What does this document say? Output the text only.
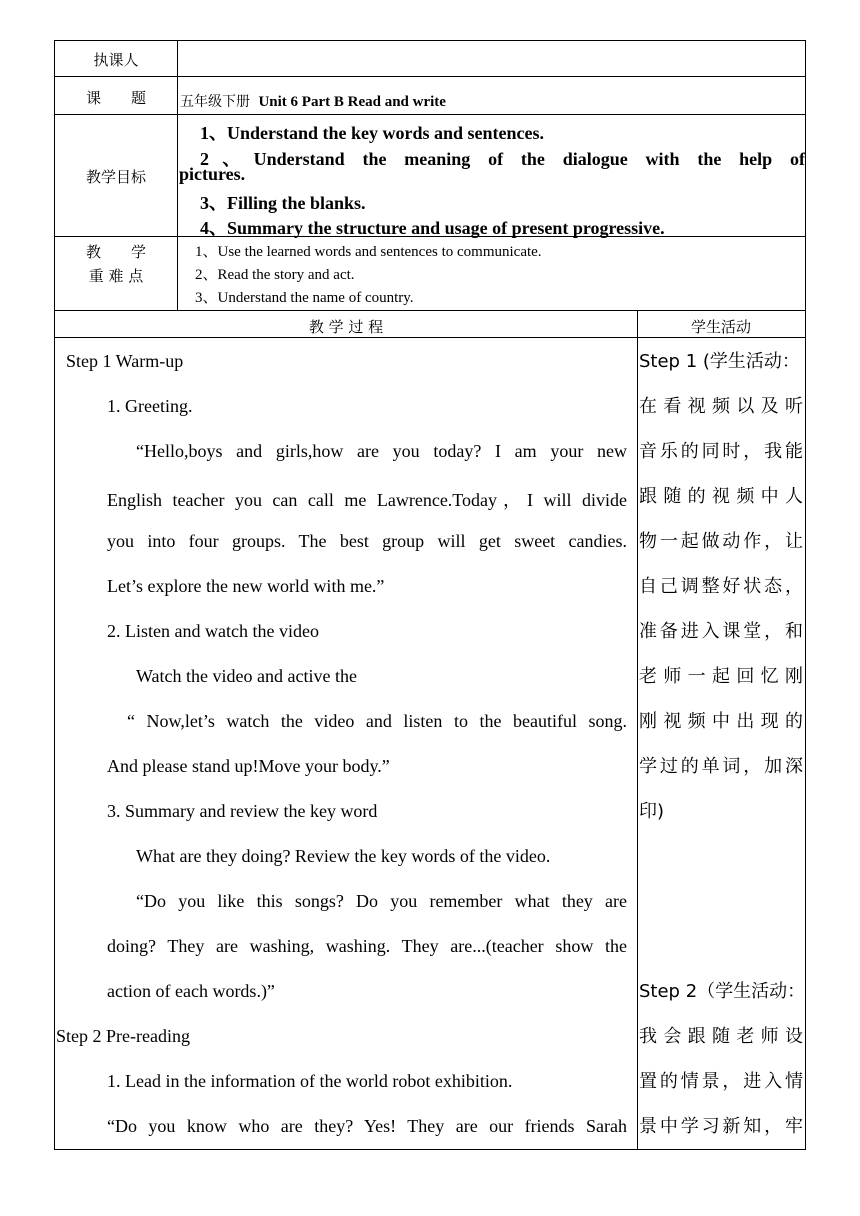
执课人
课　　题	五年级下册 Unit 6 Part B Read and write
教学目标
1、Understand the key words and sentences.
2、Understand the meaning of the dialogue with the help of
pictures.
3、Filling the blanks.
4、Summary the structure and usage of present progressive.
教　　学
重 难 点
1、Use the learned words and sentences to communicate.
2、Read the story and act.
3、Understand the name of country.
教 学 过 程	学生活动
Step 1 Warm-up
1. Greeting.
“Hello,boys and girls,how are you today? I am your new
English teacher you can call me Lawrence.Today，I will divide
you into four groups. The best group will get sweet candies.
Let’s explore the new world with me.”
2. Listen and watch the video
Watch the video and active the
“ Now,let’s watch the video and listen to the beautiful song.
And please stand up!Move your body.”
3. Summary and review the key word
What are they doing? Review the key words of the video.
“Do you like this songs? Do you remember what they are
doing? They are washing, washing. They are...(teacher show the
action of each words.)”
Step 2 Pre-reading
1. Lead in the information of the world robot exhibition.
“Do you know who are they? Yes! They are our friends Sarah
Step 1 (学生活动：
在看视频以及听
音乐的同时，我能
跟随的视频中人
物一起做动作，让
自己调整好状态，
准备进入课堂，和
老师一起回忆刚
刚视频中出现的
学过的单词，加深
印)
Step 2（学生活动：
我会跟随老师设
置的情景，进入情
景中学习新知，牢
